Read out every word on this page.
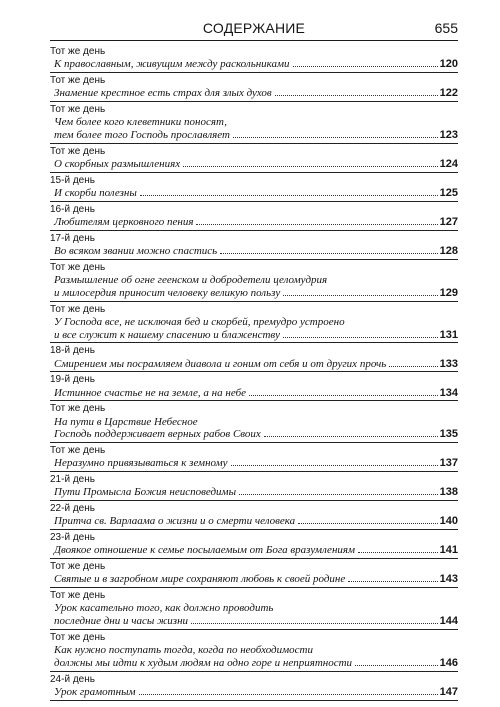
СОДЕРЖАНИЕ	655
Тот же день
К православным, живущим между раскольниками	120
Тот же день
Знамение крестное есть страх для злых духов	122
Тот же день
Чем более кого клеветники поносят,
тем более того Господь прославляет	123
Тот же день
О скорбных размышлениях	124
15-й день
И скорби полезны	125
16-й день
Любителям церковного пения	127
17-й день
Во всяком звании можно спастись	128
Тот же день
Размышление об огне геенском и добродетели целомудрия
и милосердия приносит человеку великую пользу	129
Тот же день
У Господа все, не исключая бед и скорбей, премудро устроено
и все служит к нашему спасению и блаженству	131
18-й день
Смирением мы посрамляем диавола и гоним от себя и от других прочь	133
19-й день
Истинное счастье не на земле, а на небе	134
Тот же день
На пути в Царствие Небесное
Господь поддерживает верных рабов Своих	135
Тот же день
Неразумно привязываться к земному	137
21-й день
Пути Промысла Божия неисповедимы	138
22-й день
Притча св. Варлаама о жизни и о смерти человека	140
23-й день
Двоякое отношение к семье посылаемым от Бога вразумлениям	141
Тот же день
Святые и в загробном мире сохраняют любовь к своей родине	143
Тот же день
Урок касательно того, как должно проводить
последние дни и часы жизни	144
Тот же день
Как нужно поступать тогда, когда по необходимости
должны мы идти к худым людям на одно горе и неприятности	146
24-й день
Урок грамотным	147
